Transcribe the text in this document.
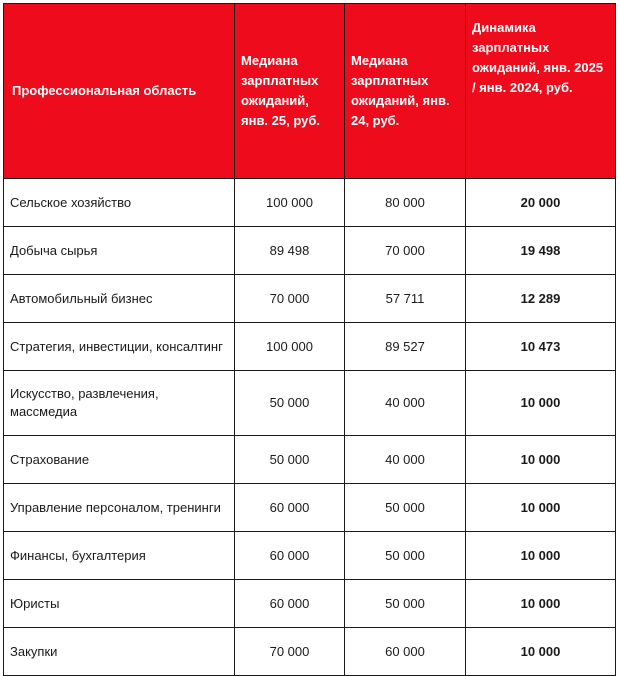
Профессиональная область	Медиана зарплатных ожиданий, янв. 25, руб.	Медиана зарплатных ожиданий, янв. 24, руб.	Динамика зарплатных ожиданий, янв. 2025 / янв. 2024, руб.
Сельское хозяйство	100 000	80 000	20 000
Добыча сырья	89 498	70 000	19 498
Автомобильный бизнес	70 000	57 711	12 289
Стратегия, инвестиции, консалтинг	100 000	89 527	10 473
Искусство, развлечения, массмедиа	50 000	40 000	10 000
Страхование	50 000	40 000	10 000
Управление персоналом, тренинги	60 000	50 000	10 000
Финансы, бухгалтерия	60 000	50 000	10 000
Юристы	60 000	50 000	10 000
Закупки	70 000	60 000	10 000
